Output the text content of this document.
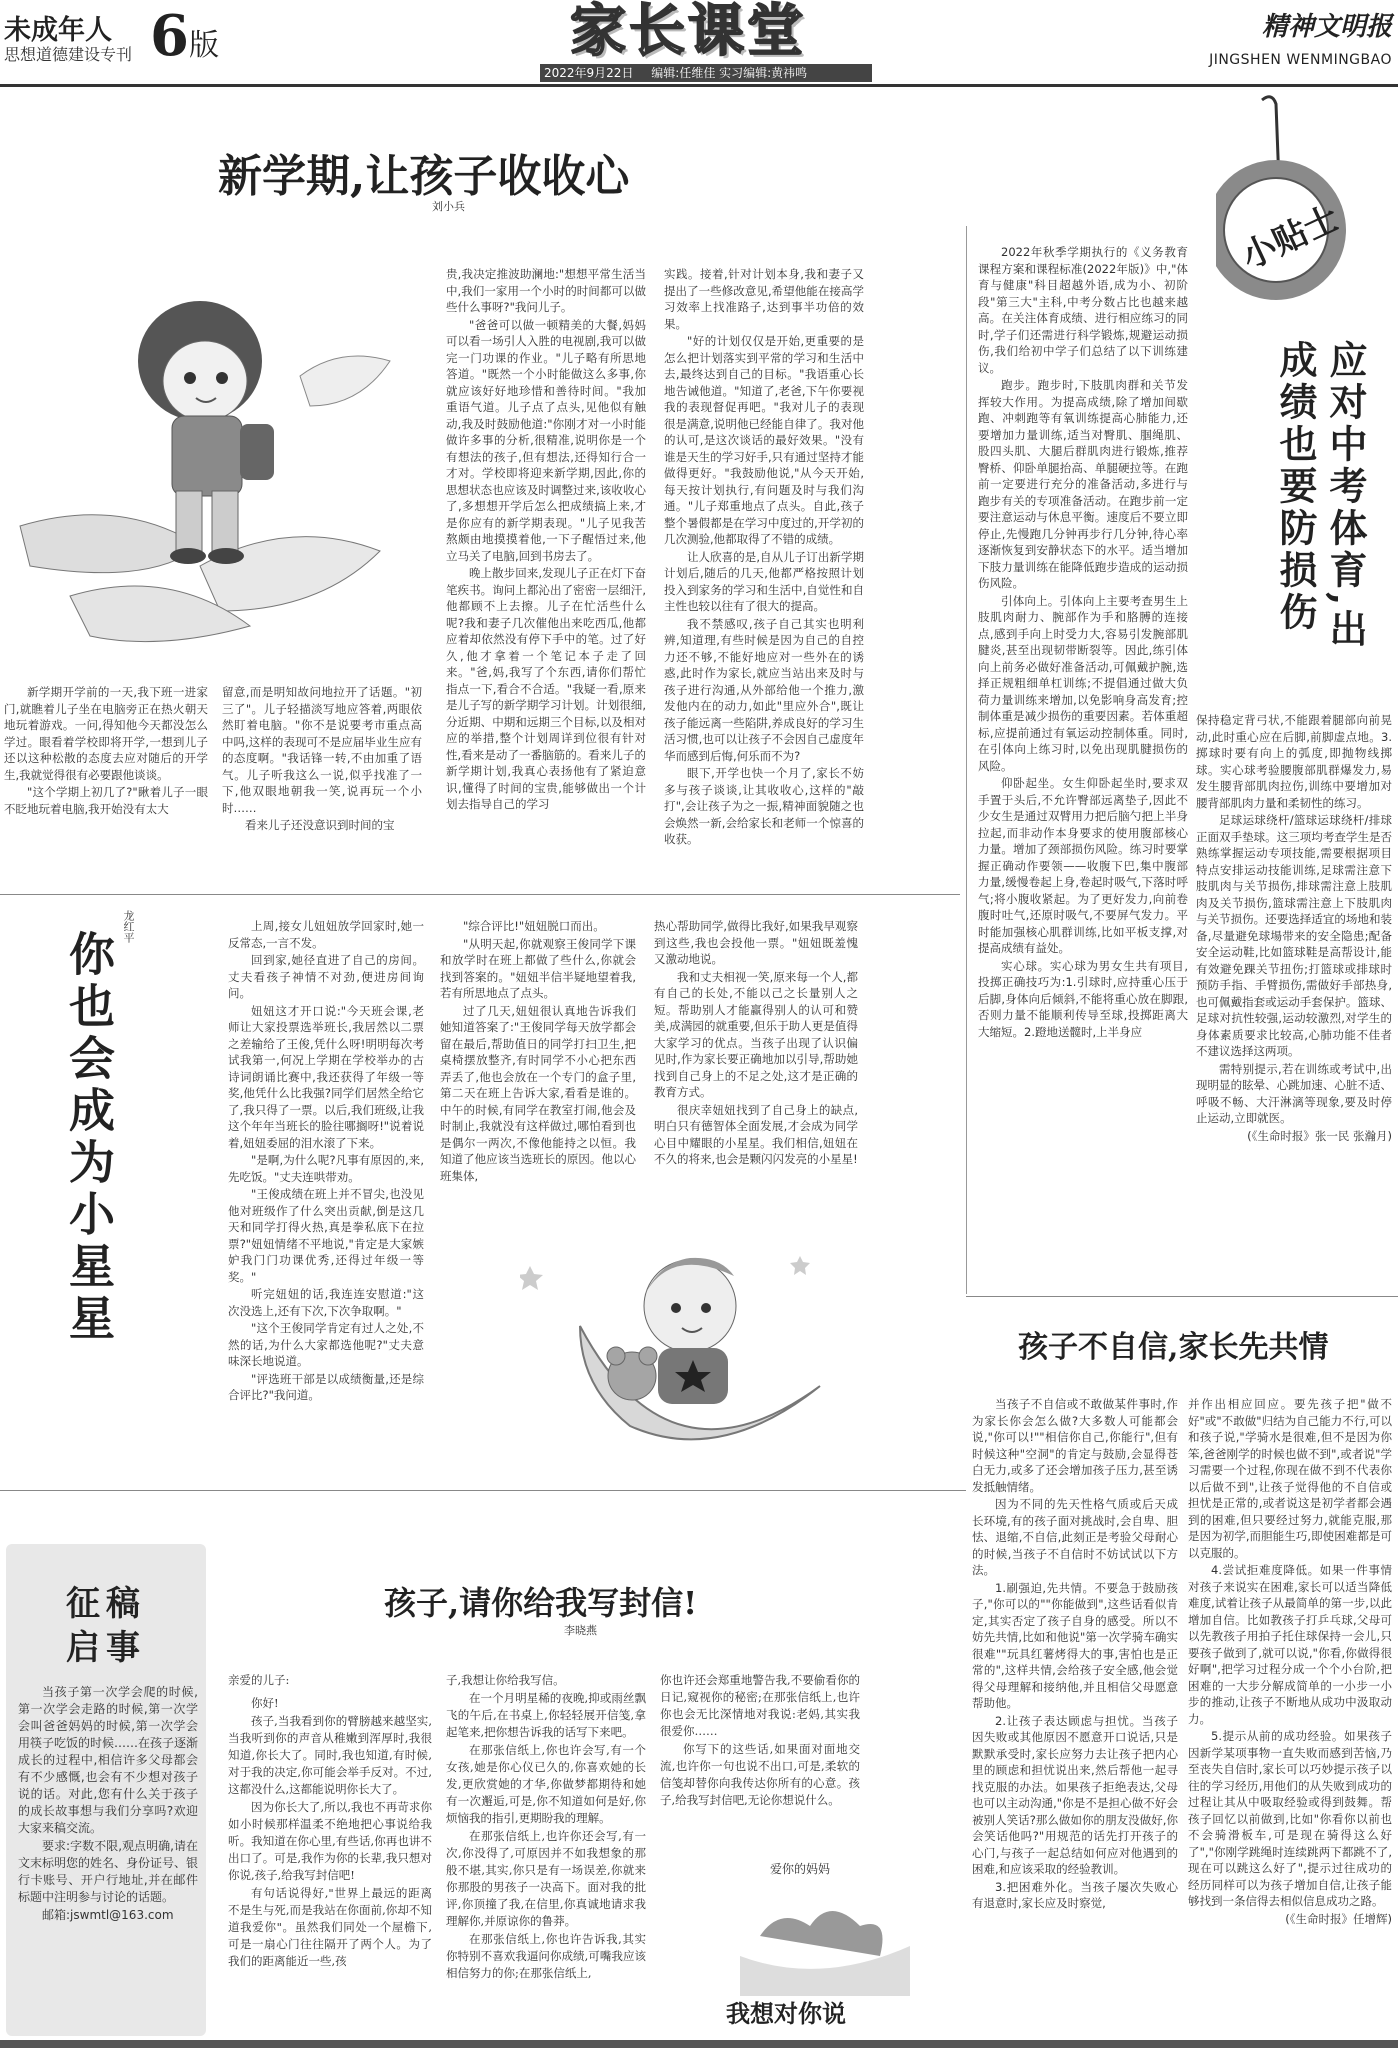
未成年人
思想道德建设专刊 6版	家长课堂
2022年9月22日 编辑:任维佳 实习编辑:黄祎鸣
精神文明报
JINGSHEN WENMINGBAO
新学期,让孩子收收心
刘小兵

新学期开学前的一天,我下班一进家门,就瞧着儿子坐在电脑旁正在热火朝天地玩着游戏。一问,得知他今天都没怎么学过。眼看着学校即将开学,一想到儿子还以这种松散的态度去应对随后的开学生,我就觉得很有必要跟他谈谈。

"这个学期上初几了?"瞅着儿子一眼不眨地玩着电脑,我开始没有太大

留意,而是明知故问地拉开了话题。"初三了"。儿子轻描淡写地应答着,两眼依然盯着电脑。"你不是说要考市重点高中吗,这样的表现可不是应届毕业生应有的态度啊。"我话锋一转,不由加重了语气。儿子听我这么一说,似乎找准了一下,他双眼地朝我一笑,说再玩一个小时……

看来儿子还没意识到时间的宝

贵,我决定推波助澜地:"想想平常生活当中,我们一家用一个小时的时间都可以做些什么事呀?"我问儿子。

"爸爸可以做一顿精美的大餐,妈妈可以看一场引人入胜的电视剧,我可以做完一门功课的作业。"儿子略有所思地答道。"既然一个小时能做这么多事,你就应该好好地珍惜和善待时间。"我加重语气道。儿子点了点头,见他似有触动,我及时鼓励他道:"你刚才对一小时能做许多事的分析,很精准,说明你是一个有想法的孩子,但有想法,还得知行合一才对。学校即将迎来新学期,因此,你的思想状态也应该及时调整过来,该收收心了,多想想开学后怎么把成绩搞上来,才是你应有的新学期表现。"儿子见我苦熬颇由地摸摸着他,一下子醒悟过来,他立马关了电脑,回到书房去了。

晚上散步回来,发现儿子正在灯下奋笔疾书。询问上都沁出了密密一层细汗,他都顾不上去擦。儿子在忙活些什么呢?我和妻子几次催他出来吃西瓜,他都应着却依然没有停下手中的笔。过了好久,他才拿着一个笔记本子走了回来。"爸,妈,我写了个东西,请你们帮忙指点一下,看合不合适。"我疑一看,原来是儿子写的新学期学习计划。计划很细,分近期、中期和远期三个目标,以及相对应的举措,整个计划周详到位很有针对性,看来是动了一番脑筋的。看来儿子的新学期计划,我真心表扬他有了紧迫意识,懂得了时间的宝贵,能够做出一个计划去指导自己的学习

实践。接着,针对计划本身,我和妻子又提出了一些修改意见,希望他能在接高学习效率上找准路子,达到事半功倍的效果。

"好的计划仅仅是开始,更重要的是怎么把计划落实到平常的学习和生活中去,最终达到自己的目标。"我语重心长地告诫他道。"知道了,老爸,下午你要视我的表现督促再吧。"我对儿子的表现很是满意,说明他已经能自律了。我对他的认可,是这次谈话的最好效果。"没有谁是天生的学习好手,只有通过坚持才能做得更好。"我鼓励他说,"从今天开始,每天按计划执行,有问题及时与我们沟通。"儿子郑重地点了点头。自此,孩子整个暑假都是在学习中度过的,开学初的几次测验,他都取得了不错的成绩。

让人欣喜的是,自从儿子订出新学期计划后,随后的几天,他都严格按照计划投入到家务的学习和生活中,自觉性和自主性也较以往有了很大的提高。

我不禁感叹,孩子自己其实也明利辨,知道理,有些时候是因为自己的自控力还不够,不能好地应对一些外在的诱惑,此时作为家长,就应当站出来及时与孩子进行沟通,从外部给他一个推力,激发他内在的动力,如此"里应外合",既让孩子能远离一些陷阱,养成良好的学习生活习惯,也可以让孩子不会因自己虚度年华而感到后悔,何乐而不为?

眼下,开学也快一个月了,家长不妨多与孩子谈谈,让其收收心,这样的"敲打",会让孩子为之一振,精神面貌随之也会焕然一新,会给家长和老师一个惊喜的收获。

龙红平
你也会成为小星星

上周,接女儿妞妞放学回家时,她一反常态,一言不发。

回到家,她径直进了自己的房间。丈夫看孩子神情不对劲,便进房间询问。

妞妞这才开口说:"今天班会课,老师让大家投票选举班长,我居然以二票之差输给了王俊,凭什么呀!明明每次考试我第一,何况上学期在学校举办的古诗词朗诵比赛中,我还获得了年级一等奖,他凭什么比我强?同学们居然全给它了,我只得了一票。以后,我们班级,让我这个年年当班长的脸往哪搁呀!"说着说着,妞妞委屈的泪水滚了下来。

"是啊,为什么呢?凡事有原因的,来,先吃饭。"丈夫连哄带劝。

"王俊成绩在班上并不冒尖,也没见他对班级作了什么突出贡献,倒是这几天和同学打得火热,真是拳私底下在拉票?"妞妞情绪不平地说,"肯定是大家嫉妒我门门功课优秀,还得过年级一等奖。"

听完妞妞的话,我连连安慰道:"这次没选上,还有下次,下次争取啊。"

"这个王俊同学肯定有过人之处,不然的话,为什么大家都选他呢?"丈夫意味深长地说道。

"评选班干部是以成绩衡量,还是综合评比?"我问道。

"综合评比!"妞妞脱口而出。

"从明天起,你就观察王俊同学下课和放学时在班上都做了些什么,你就会找到答案的。"妞妞半信半疑地望着我,若有所思地点了点头。

过了几天,妞妞很认真地告诉我们她知道答案了:"王俊同学每天放学都会留在最后,帮助值日的同学打扫卫生,把桌椅摆放整齐,有时同学不小心把东西弄丢了,他也会放在一个专门的盒子里,第二天在班上告诉大家,看看是谁的。中午的时候,有同学在教室打闹,他会及时制止,我就没有这样做过,哪怕看到也是偶尔一两次,不像他能持之以恒。我知道了他应该当选班长的原因。他以心班集体,

热心帮助同学,做得比我好,如果我早观察到这些,我也会投他一票。"妞妞既羞愧又激动地说。

我和丈夫相视一笑,原来每一个人,都有自己的长处,不能以己之长量别人之短。帮助别人才能赢得别人的认可和赞美,成满园的就重要,但乐于助人更是值得大家学习的优点。当孩子出现了认识偏见时,作为家长要正确地加以引导,帮助她找到自己身上的不足之处,这才是正确的教育方式。

很庆幸妞妞找到了自己身上的缺点,明白只有德智体全面发展,才会成为同学心目中耀眼的小星星。我们相信,妞妞在不久的将来,也会是颗闪闪发亮的小星星!

小贴士
应对中考体育,出成绩也要防损伤

2022年秋季学期执行的《义务教育课程方案和课程标准(2022年版)》中,"体育与健康"科目超越外语,成为小、初阶段"第三大"主科,中考分数占比也越来越高。在关注体育成绩、进行相应练习的同时,学子们还需进行科学锻炼,规避运动损伤,我们给初中学子们总结了以下训练建议。

跑步。跑步时,下肢肌肉群和关节发挥较大作用。为提高成绩,除了增加间歇跑、冲刺跑等有氧训练提高心肺能力,还要增加力量训练,适当对臀肌、腘绳肌、股四头肌、大腿后群肌肉进行锻炼,推荐臀桥、仰卧单腿抬高、单腿硬拉等。在跑前一定要进行充分的准备活动,多进行与跑步有关的专项准备活动。在跑步前一定要注意运动与休息平衡。速度后不要立即停止,先慢跑几分钟再步行几分钟,待心率逐渐恢复到安静状态下的水平。适当增加下肢力量训练在能降低跑步造成的运动损伤风险。

引体向上。引体向上主要考查男生上肢肌肉耐力、腕部作为手和胳膊的连接点,感到手向上时受力大,容易引发腕部肌腱炎,甚至出现韧带断裂等。因此,练引体向上前务必做好准备活动,可佩戴护腕,选择正规粗细单杠训练;不提倡通过做大负荷力量训练来增加,以免影响身高发育;控制体重是减少损伤的重要因素。若体重超标,应提前通过有氧运动控制体重。同时,在引体向上练习时,以免出现肌腱损伤的风险。

仰卧起坐。女生仰卧起坐时,要求双手置于头后,不允许臀部远离垫子,因此不少女生是通过双臂用力把后脑勺把上半身拉起,而非动作本身要求的使用腹部核心力量。增加了颈部损伤风险。练习时要掌握正确动作要领——收腹下巴,集中腹部力量,缓慢卷起上身,卷起时吸气,下落时呼气;将小腹收紧起。为了更好发力,向前卷腹时吐气,还原时吸气,不要屏气发力。平时能加强核心肌群训练,比如平板支撑,对提高成绩有益处。

实心球。实心球为男女生共有项目,投掷正确技巧为:1.引球时,应持重心压于后脚,身体向后倾斜,不能将重心放在脚跟,否则力量不能顺利传导至球,投掷距离大大缩短。2.蹬地送髋时,上半身应

保持稳定背弓状,不能跟着腿部向前晃动,此时重心应在后脚,前脚虚点地。3.掷球时要有向上的弧度,即抛物线掷球。实心球考验腰腹部肌群爆发力,易发生腰背部肌肉拉伤,训练中要增加对腰背部肌肉力量和柔韧性的练习。

足球运球绕杆/篮球运球绕杆/排球正面双手垫球。这三项均考查学生是否熟练掌握运动专项技能,需要根据项目特点安排运动技能训练,足球需注意下肢肌肉与关节损伤,排球需注意上肢肌肉及关节损伤,篮球需注意上下肢肌肉与关节损伤。还要选择适宜的场地和装备,尽量避免球場带来的安全隐患;配备安全运动鞋,比如篮球鞋是高帮设计,能有效避免踝关节扭伤;打篮球或排球时预防手指、手臂损伤,需做好手部热身,也可佩戴指套或运动手套保护。篮球、足球对抗性较强,运动较激烈,对学生的身体素质要求比较高,心肺功能不佳者不建议选择这两项。

需特别提示,若在训练或考试中,出现明显的眩晕、心跳加速、心脏不适、呼吸不畅、大汗淋漓等现象,要及时停止运动,立即就医。

(《生命时报》张一民 张瀚月)

孩子不自信,家长先共情

当孩子不自信或不敢做某件事时,作为家长你会怎么做?大多数人可能都会说,"你可以!""相信你自己,你能行",但有时候这种"空洞"的肯定与鼓励,会显得苍白无力,或多了还会增加孩子压力,甚至诱发抵触情绪。

因为不同的先天性格气质或后天成长环境,有的孩子面对挑战时,会自卑、胆怯、退缩,不自信,此刻正是考验父母耐心的时候,当孩子不自信时不妨试试以下方法。

1.刷强迫,先共情。不要急于鼓励孩子,"你可以的""你能做到",这些话看似肯定,其实否定了孩子自身的感受。所以不妨先共情,比如和他说"第一次学骑车确实很难""玩具红薯烤得大的事,害怕也是正常的",这样共情,会给孩子安全感,他会觉得父母理解和接纳他,并且相信父母愿意帮助他。

2.让孩子表达顾虑与担忧。当孩子因失败或其他原因不愿意开口说话,只是默默承受时,家长应努力去让孩子把内心里的顾虑和担忧说出来,然后帮他一起寻找克服的办法。如果孩子拒绝表达,父母也可以主动沟通,"你是不是担心做不好会被别人笑话?那么做如你的朋友没做好,你会笑话他吗?"用规范的话先打开孩子的心门,与孩子一起总结如何应对他遇到的困难,和应该采取的经验教训。

3.把困难外化。当孩子屡次失败心有退意时,家长应及时察觉,

并作出相应回应。要先孩子把"做不好"或"不敢做"归结为自己能力不行,可以和孩子说,"学骑水是很难,但不是因为你笨,爸爸刚学的时候也做不到",或者说"学习需要一个过程,你现在做不到不代表你以后做不到",让孩子觉得他的不自信或担忧是正常的,或者说这是初学者都会遇到的困难,但只要经过努力,就能克服,那是因为初学,而胆能生巧,即使困难都是可以克服的。

4.尝试拒难度降低。如果一件事情对孩子来说实在困难,家长可以适当降低难度,试着让孩子从最简单的第一步,以此增加自信。比如教孩子打乒乓球,父母可以先教孩子用拍子托住球保持一会儿,只要孩子做到了,就可以说,"你看,你做得很好啊",把学习过程分成一个个小台阶,把困难的一大步分解成简单的一小步一小步的推动,让孩子不断地从成功中汲取动力。

5.提示从前的成功经验。如果孩子因新学某项事物一直失败而感到苦恼,乃至丧失自信时,家长可以巧妙提示孩子以往的学习经历,用他们的从失败到成功的过程让其从中吸取经验或得到鼓舞。帮孩子回忆以前做到,比如"你看你以前也不会骑滑板车,可是现在骑得这么好了","你刚学跳绳时连续跳两下都跳不了,现在可以跳这么好了",提示过往成功的经历同样可以为孩子增加自信,让孩子能够找到一条信得去相似信息成功之路。

(《生命时报》任增辉)

征稿
启事

当孩子第一次学会爬的时候,第一次学会走路的时候,第一次学会叫爸爸妈妈的时候,第一次学会用筷子吃饭的时候……在孩子逐渐成长的过程中,相信许多父母都会有不少感慨,也会有不少想对孩子说的话。对此,您有什么关于孩子的成长故事想与我们分享吗?欢迎大家来稿交流。

要求:字数不限,观点明确,请在文末标明您的姓名、身份证号、银行卡账号、开户行地址,并在邮件标题中注明参与讨论的话题。

邮箱:jswmtl@163.com

孩子,请你给我写封信!
李晓燕

亲爱的儿子:

你好!

孩子,当我看到你的臂膀越来越坚实,当我听到你的声音从稚嫩到浑厚时,我很知道,你长大了。同时,我也知道,有时候,对于我的决定,你可能会举手反对。不过,这都没什么,这都能说明你长大了。

因为你长大了,所以,我也不再苛求你如小时候那样温柔不绝地把心事说给我听。我知道在你心里,有些话,你再也讲不出口了。可是,我作为你的长辈,我只想对你说,孩子,给我写封信吧!

有句话说得好,"世界上最远的距离不是生与死,而是我站在你面前,你却不知道我爱你"。虽然我们同处一个屋檐下,可是一扇心门往往隔开了两个人。为了我们的距离能近一些,孩

子,我想让你给我写信。

在一个月明星稀的夜晚,抑或雨丝飘飞的午后,在书桌上,你轻轻展开信笺,拿起笔来,把你想告诉我的话写下来吧。

在那张信纸上,你也许会写,有一个女孩,她是你心仪已久的,你喜欢她的长发,更欣赏她的才华,你做梦都期待和她有一次邂逅,可是,你不知道如何是好,你烦恼我的指引,更期盼我的理解。

在那张信纸上,也许你还会写,有一次,你没得了,可原因并不如我想象的那般不堪,其实,你只是有一场误差,你就来你那股的男孩子一决高下。面对我的批评,你顶撞了我,在信里,你真诚地请求我理解你,并原谅你的鲁莽。

在那张信纸上,你也许告诉我,其实你特别不喜欢我逼问你成绩,可嘴我应该相信努力的你;在那张信纸上,

你也许还会郑重地警告我,不要偷看你的日记,窥视你的秘密;在那张信纸上,也许你也会无比深情地对我说:老妈,其实我很爱你……

你写下的这些话,如果面对面地交流,也许你一句也说不出口,可是,柔软的信笺却替你向我传达你所有的心意。孩子,给我写封信吧,无论你想说什么。

爱你的妈妈
我想对你说
